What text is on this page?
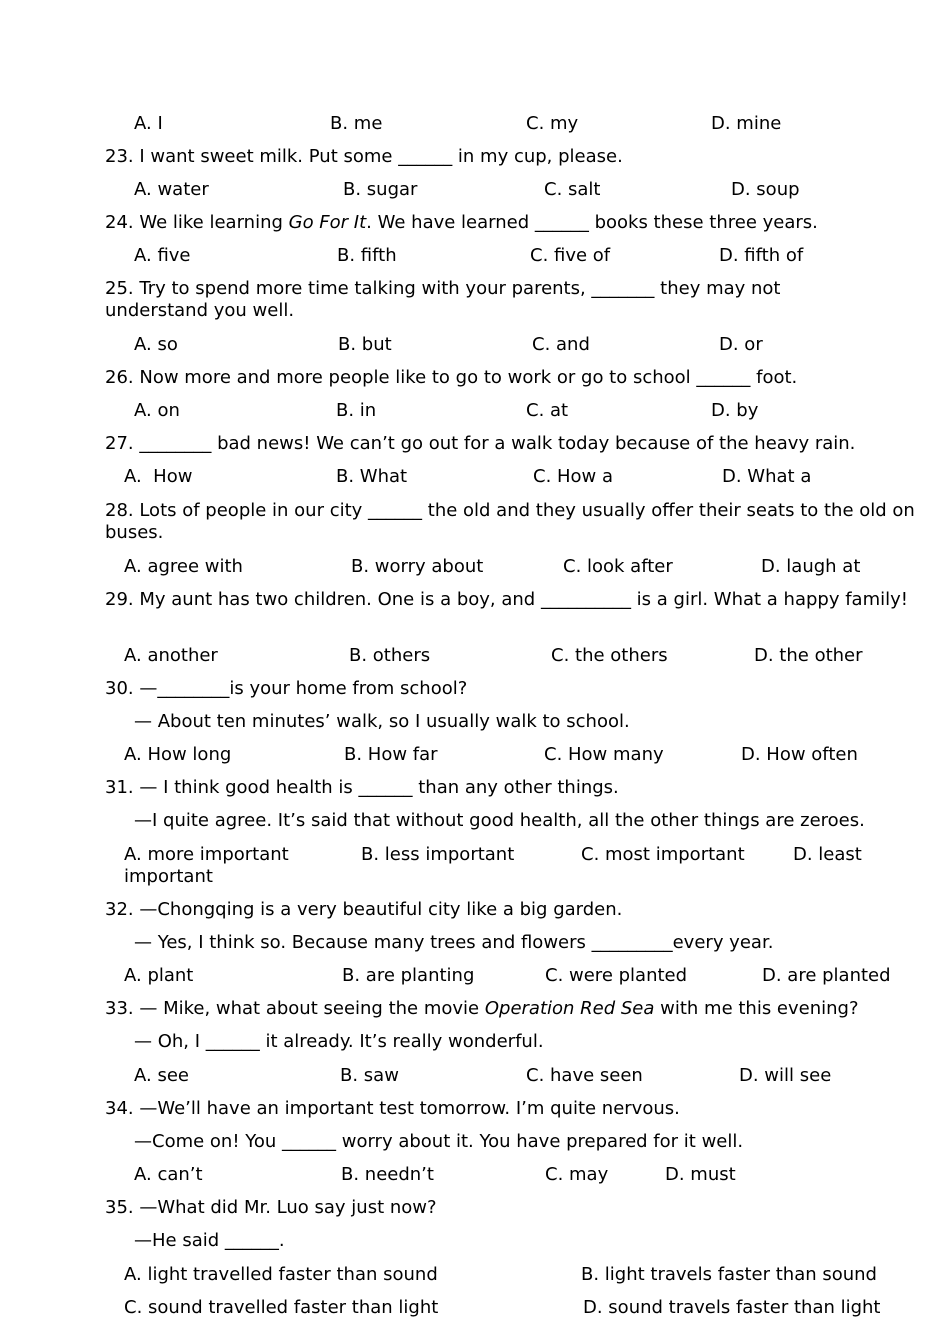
A. I	B. me	C. my	D. mine
23. I want sweet milk. Put some ______ in my cup, please.
A. water	B. sugar	C. salt	D. soup
24. We like learning Go For It. We have learned ______ books these three years.
A. five	B. fifth	C. five of	D. fifth of
25. Try to spend more time talking with your parents, _______ they may not understand you well.
A. so	B. but	C. and	D. or
26. Now more and more people like to go to work or go to school ______ foot.
A. on	B. in	C. at	D. by
27. ________ bad news! We can’t go out for a walk today because of the heavy rain.
A.  How	B. What	C. How a	D. What a
28. Lots of people in our city ______ the old and they usually offer their seats to the old on buses.
A. agree with	B. worry about	C. look after	D. laugh at
29. My aunt has two children. One is a boy, and __________ is a girl. What a happy family!
A. another	B. others	C. the others	D. the other
30. —________is your home from school?
— About ten minutes’ walk, so I usually walk to school.
A. How long	B. How far	C. How many	D. How often
31. — I think good health is ______ than any other things.
—I quite agree. It’s said that without good health, all the other things are zeroes.
A. more important	B. less important	C. most important	D. least
important
32. —Chongqing is a very beautiful city like a big garden.
— Yes, I think so. Because many trees and flowers _________every year.
A. plant	B. are planting	C. were planted	D. are planted
33. — Mike, what about seeing the movie Operation Red Sea with me this evening?
— Oh, I ______ it already. It’s really wonderful.
A. see	B. saw	C. have seen	D. will see
34. —We’ll have an important test tomorrow. I’m quite nervous.
—Come on! You ______ worry about it. You have prepared for it well.
A. can’t	B. needn’t	C. may	D. must
35. —What did Mr. Luo say just now?
—He said ______.
A. light travelled faster than sound	B. light travels faster than sound
C. sound travelled faster than light	D. sound travels faster than light
